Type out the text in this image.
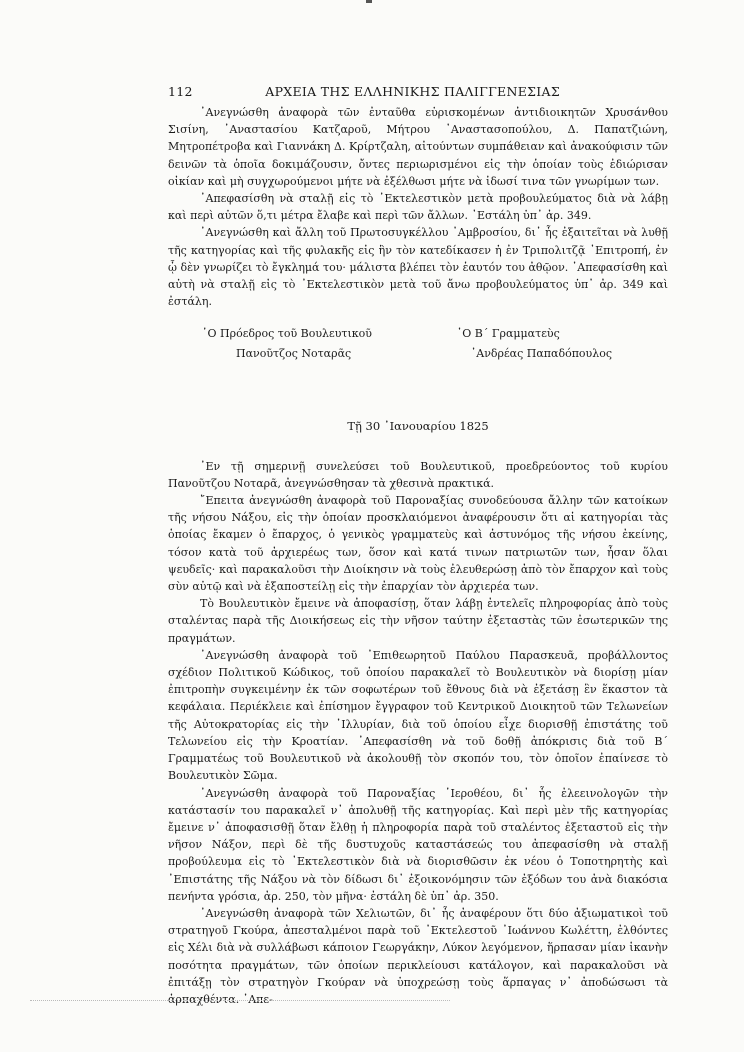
112	ΑΡΧΕΙΑ ΤΗΣ ΕΛΛΗΝΙΚΗΣ ΠΑΛΙΓΓΕΝΕΣΙΑΣ

᾿Ανεγνώσθη ἀναφορὰ τῶν ἐνταῦθα εὑρισκομένων ἀντιδιοικητῶν Χρυσάνθου Σισίνη, ᾿Αναστασίου Κατζαροῦ, Μήτρου ᾿Αναστασοπούλου, Δ. Παπατζιώνη, Μητροπέτροβα καὶ Γιαννάκη Δ. Κρίρτζαλη, αἰτούντων συμπάθειαν καὶ ἀνακούφισιν τῶν δεινῶν τὰ ὁποῖα δοκιμάζουσιν, ὄντες περιωρισμένοι εἰς τὴν ὁποίαν τοὺς ἐδιώρισαν οἰκίαν καὶ μὴ συγχωρούμενοι μήτε νὰ ἐξέλθωσι μήτε νὰ ἰδωσί τινα τῶν γνωρίμων των.

᾿Απεφασίσθη νὰ σταλῇ εἰς τὸ ᾿Εκτελεστικὸν μετὰ προβουλεύματος διὰ νὰ λάβῃ καὶ περὶ αὐτῶν ὅ,τι μέτρα ἔλαβε καὶ περὶ τῶν ἄλλων. ᾿Εστάλη ὑπ᾿ ἀρ. 349.

᾿Ανεγνώσθη καὶ ἄλλη τοῦ Πρωτοσυγκέλλου ᾿Αμβροσίου, δι᾿ ἧς ἐξαιτεῖται νὰ λυθῇ τῆς κατηγορίας καὶ τῆς φυλακῆς εἰς ἣν τὸν κατεδίκασεν ἡ ἐν Τριπολιτζᾷ ᾿Επιτροπή, ἐν ᾧ δὲν γνωρίζει τὸ ἔγκλημά του· μάλιστα βλέπει τὸν ἑαυτόν του ἀθῷον. ᾿Απεφασίσθη καὶ αὐτὴ νὰ σταλῇ εἰς τὸ ᾿Εκτελεστικὸν μετὰ τοῦ ἄνω προβουλεύματος ὑπ᾿ ἀρ. 349 καὶ ἐστάλη.

῾Ο Πρόεδρος τοῦ Βουλευτικοῦ
Πανοῦτζος Νοταρᾶς
῾Ο Β´ Γραμματεὺς
᾿Ανδρέας Παπαδόπουλος
Τῇ 30 ᾿Ιανουαρίου 1825

᾿Εν τῇ σημερινῇ συνελεύσει τοῦ Βουλευτικοῦ, προεδρεύοντος τοῦ κυρίου Πανοῦτζου Νοταρᾶ, ἀνεγνώσθησαν τὰ χθεσινὰ πρακτικά.

῎Επειτα ἀνεγνώσθη ἀναφορὰ τοῦ Παροναξίας συνοδεύουσα ἄλλην τῶν κατοίκων τῆς νήσου Νάξου, εἰς τὴν ὁποίαν προσκλαιόμενοι ἀναφέρουσιν ὅτι αἱ κατηγορίαι τὰς ὁποίας ἔκαμεν ὁ ἔπαρχος, ὁ γενικὸς γραμματεὺς καὶ ἀστυνόμος τῆς νήσου ἐκείνης, τόσον κατὰ τοῦ ἀρχιερέως των, ὅσον καὶ κατά τινων πατριωτῶν των, ἦσαν ὅλαι ψευδεῖς· καὶ παρακαλοῦσι τὴν Διοίκησιν νὰ τοὺς ἐλευθερώσῃ ἀπὸ τὸν ἔπαρχον καὶ τοὺς σὺν αὐτῷ καὶ νὰ ἐξαποστείλῃ εἰς τὴν ἐπαρχίαν τὸν ἀρχιερέα των.

Τὸ Βουλευτικὸν ἔμεινε νὰ ἀποφασίσῃ, ὅταν λάβῃ ἐντελεῖς πληροφορίας ἀπὸ τοὺς σταλέντας παρὰ τῆς Διοικήσεως εἰς τὴν νῆσον ταύτην ἐξεταστὰς τῶν ἐσωτερικῶν της πραγμάτων.

᾿Ανεγνώσθη ἀναφορὰ τοῦ ᾿Επιθεωρητοῦ Παύλου Παρασκευᾶ, προβάλλοντος σχέδιον Πολιτικοῦ Κώδικος, τοῦ ὁποίου παρακαλεῖ τὸ Βουλευτικὸν νὰ διορίσῃ μίαν ἐπιτροπὴν συγκειμένην ἐκ τῶν σοφωτέρων τοῦ ἔθνους διὰ νὰ ἐξετάσῃ ἓν ἕκαστον τὰ κεφάλαια. Περιέκλειε καὶ ἐπίσημον ἔγγραφον τοῦ Κεντρικοῦ Διοικητοῦ τῶν Τελωνείων τῆς Αὐτοκρατορίας εἰς τὴν ᾿Ιλλυρίαν, διὰ τοῦ ὁποίου εἶχε διορισθῇ ἐπιστάτης τοῦ Τελωνείου εἰς τὴν Κροατίαν. ᾿Απεφασίσθη νὰ τοῦ δοθῇ ἀπόκρισις διὰ τοῦ Β´ Γραμματέως τοῦ Βουλευτικοῦ νὰ ἀκολουθῇ τὸν σκοπόν του, τὸν ὁποῖον ἐπαίνεσε τὸ Βουλευτικὸν Σῶμα.

᾿Ανεγνώσθη ἀναφορὰ τοῦ Παροναξίας ῾Ιεροθέου, δι᾿ ἧς ἐλεεινολογῶν τὴν κατάστασίν του παρακαλεῖ ν᾿ ἀπολυθῇ τῆς κατηγορίας. Καὶ περὶ μὲν τῆς κατηγορίας ἔμεινε ν᾿ ἀποφασισθῇ ὅταν ἔλθῃ ἡ πληροφορία παρὰ τοῦ σταλέντος ἐξεταστοῦ εἰς τὴν νῆσον Νάξον, περὶ δὲ τῆς δυστυχοῦς καταστάσεώς του ἀπεφασίσθη νὰ σταλῇ προβούλευμα εἰς τὸ ᾿Εκτελεστικὸν διὰ νὰ διορισθῶσιν ἐκ νέου ὁ Τοποτηρητὴς καὶ ᾿Επιστάτης τῆς Νάξου νὰ τὸν δίδωσι δι᾿ ἐξοικονόμησιν τῶν ἐξόδων του ἀνὰ διακόσια πενήντα γρόσια, ἀρ. 250, τὸν μῆνα· ἐστάλη δὲ ὑπ᾿ ἀρ. 350.

᾿Ανεγνώσθη ἀναφορὰ τῶν Χελιωτῶν, δι᾿ ἧς ἀναφέρουν ὅτι δύο ἀξιωματικοὶ τοῦ στρατηγοῦ Γκούρα, ἀπεσταλμένοι παρὰ τοῦ ᾿Εκτελεστοῦ ᾿Ιωάννου Κωλέττη, ἐλθόντες εἰς Χέλι διὰ νὰ συλλάβωσι κάποιον Γεωργάκην, Λύκον λεγόμενον, ἥρπασαν μίαν ἱκανὴν ποσότητα πραγμάτων, τῶν ὁποίων περικλείουσι κατάλογον, καὶ παρακαλοῦσι νὰ ἐπιτάξῃ τὸν στρατηγὸν Γκούραν νὰ ὑποχρεώσῃ τοὺς ἅρπαγας ν᾿ ἀποδώσωσι τὰ ἁρπαχθέντα. ᾿Απε-
